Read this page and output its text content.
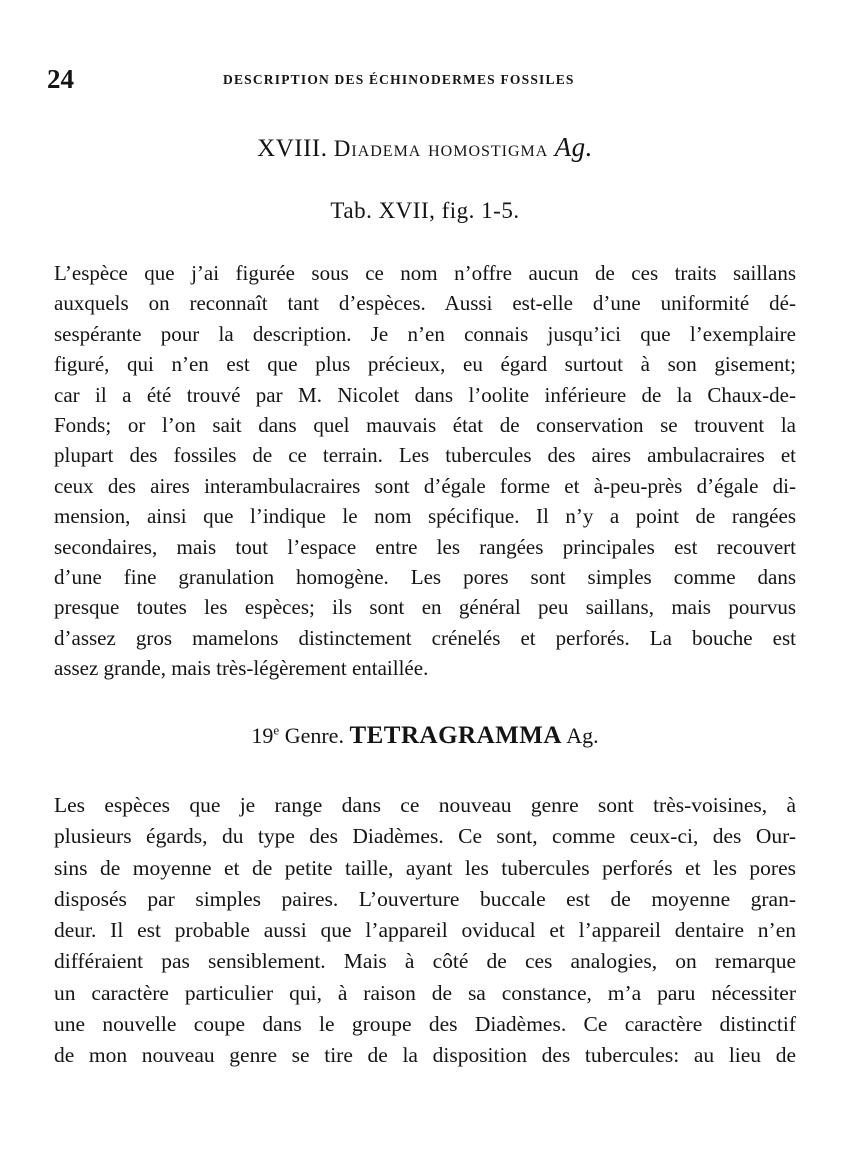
24	DESCRIPTION DES ÉCHINODERMES FOSSILES
XVIII. Diadema homostigma Ag.
Tab. XVII, fig. 1-5.
L’espèce que j’ai figurée sous ce nom n’offre aucun de ces traits saillans
auxquels on reconnaît tant d’espèces. Aussi est-elle d’une uniformité dé-
sespérante pour la description. Je n’en connais jusqu’ici que l’exemplaire
figuré, qui n’en est que plus précieux, eu égard surtout à son gisement;
car il a été trouvé par M. Nicolet dans l’oolite inférieure de la Chaux-de-
Fonds; or l’on sait dans quel mauvais état de conservation se trouvent la
plupart des fossiles de ce terrain. Les tubercules des aires ambulacraires et
ceux des aires interambulacraires sont d’égale forme et à-peu-près d’égale di-
mension, ainsi que l’indique le nom spécifique. Il n’y a point de rangées
secondaires, mais tout l’espace entre les rangées principales est recouvert
d’une fine granulation homogène. Les pores sont simples comme dans
presque toutes les espèces; ils sont en général peu saillans, mais pourvus
d’assez gros mamelons distinctement crénelés et perforés. La bouche est
assez grande, mais très-légèrement entaillée.
19e Genre. TETRAGRAMMA Ag.
Les espèces que je range dans ce nouveau genre sont très-voisines, à
plusieurs égards, du type des Diadèmes. Ce sont, comme ceux-ci, des Our-
sins de moyenne et de petite taille, ayant les tubercules perforés et les pores
disposés par simples paires. L’ouverture buccale est de moyenne gran-
deur. Il est probable aussi que l’appareil oviducal et l’appareil dentaire n’en
différaient pas sensiblement. Mais à côté de ces analogies, on remarque
un caractère particulier qui, à raison de sa constance, m’a paru nécessiter
une nouvelle coupe dans le groupe des Diadèmes. Ce caractère distinctif
de mon nouveau genre se tire de la disposition des tubercules: au lieu de
